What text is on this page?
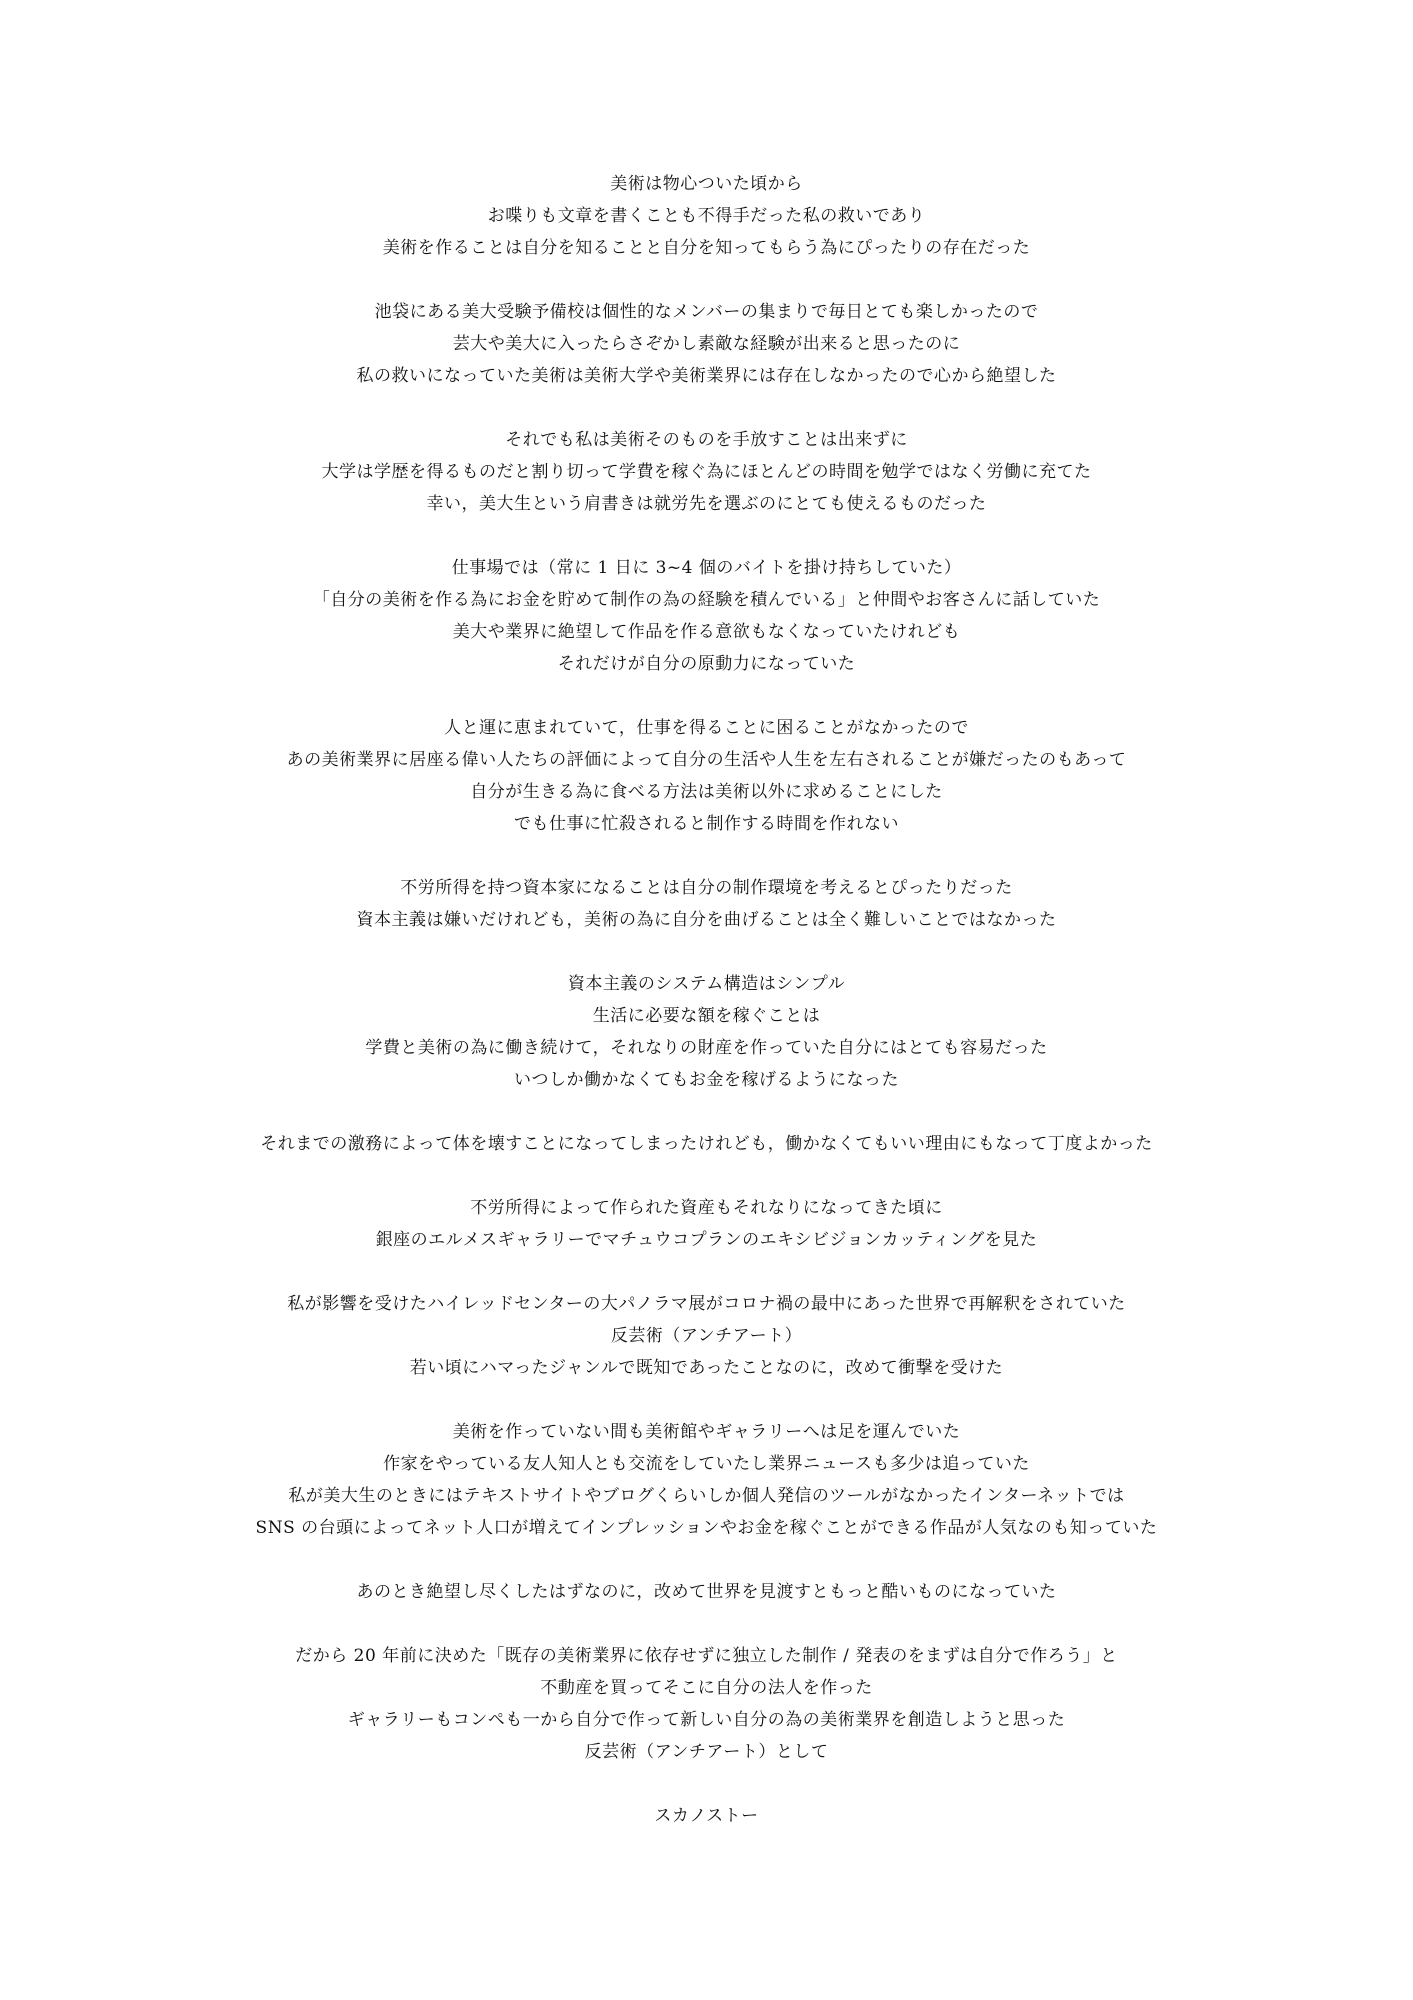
美術は物心ついた頃から
お喋りも文章を書くことも不得手だった私の救いであり
美術を作ることは自分を知ることと自分を知ってもらう為にぴったりの存在だった
池袋にある美大受験予備校は個性的なメンバーの集まりで毎日とても楽しかったので
芸大や美大に入ったらさぞかし素敵な経験が出来ると思ったのに
私の救いになっていた美術は美術大学や美術業界には存在しなかったので心から絶望した
それでも私は美術そのものを手放すことは出来ずに
大学は学歴を得るものだと割り切って学費を稼ぐ為にほとんどの時間を勉学ではなく労働に充てた
幸い，美大生という肩書きは就労先を選ぶのにとても使えるものだった
仕事場では（常に 1 日に 3~4 個のバイトを掛け持ちしていた）
「自分の美術を作る為にお金を貯めて制作の為の経験を積んでいる」と仲間やお客さんに話していた
美大や業界に絶望して作品を作る意欲もなくなっていたけれども
それだけが自分の原動力になっていた
人と運に恵まれていて，仕事を得ることに困ることがなかったので
あの美術業界に居座る偉い人たちの評価によって自分の生活や人生を左右されることが嫌だったのもあって
自分が生きる為に食べる方法は美術以外に求めることにした
でも仕事に忙殺されると制作する時間を作れない
不労所得を持つ資本家になることは自分の制作環境を考えるとぴったりだった
資本主義は嫌いだけれども，美術の為に自分を曲げることは全く難しいことではなかった
資本主義のシステム構造はシンプル
生活に必要な額を稼ぐことは
学費と美術の為に働き続けて，それなりの財産を作っていた自分にはとても容易だった
いつしか働かなくてもお金を稼げるようになった
それまでの激務によって体を壊すことになってしまったけれども，働かなくてもいい理由にもなって丁度よかった
不労所得によって作られた資産もそれなりになってきた頃に
銀座のエルメスギャラリーでマチュウコプランのエキシビジョンカッティングを見た
私が影響を受けたハイレッドセンターの大パノラマ展がコロナ禍の最中にあった世界で再解釈をされていた
反芸術（アンチアート）
若い頃にハマったジャンルで既知であったことなのに，改めて衝撃を受けた
美術を作っていない間も美術館やギャラリーへは足を運んでいた
作家をやっている友人知人とも交流をしていたし業界ニュースも多少は追っていた
私が美大生のときにはテキストサイトやブログくらいしか個人発信のツールがなかったインターネットでは
SNS の台頭によってネット人口が増えてインプレッションやお金を稼ぐことができる作品が人気なのも知っていた
あのとき絶望し尽くしたはずなのに，改めて世界を見渡すともっと酷いものになっていた
だから 20 年前に決めた「既存の美術業界に依存せずに独立した制作 / 発表のをまずは自分で作ろう」と
不動産を買ってそこに自分の法人を作った
ギャラリーもコンペも一から自分で作って新しい自分の為の美術業界を創造しようと思った
反芸術（アンチアート）として
スカノストー
